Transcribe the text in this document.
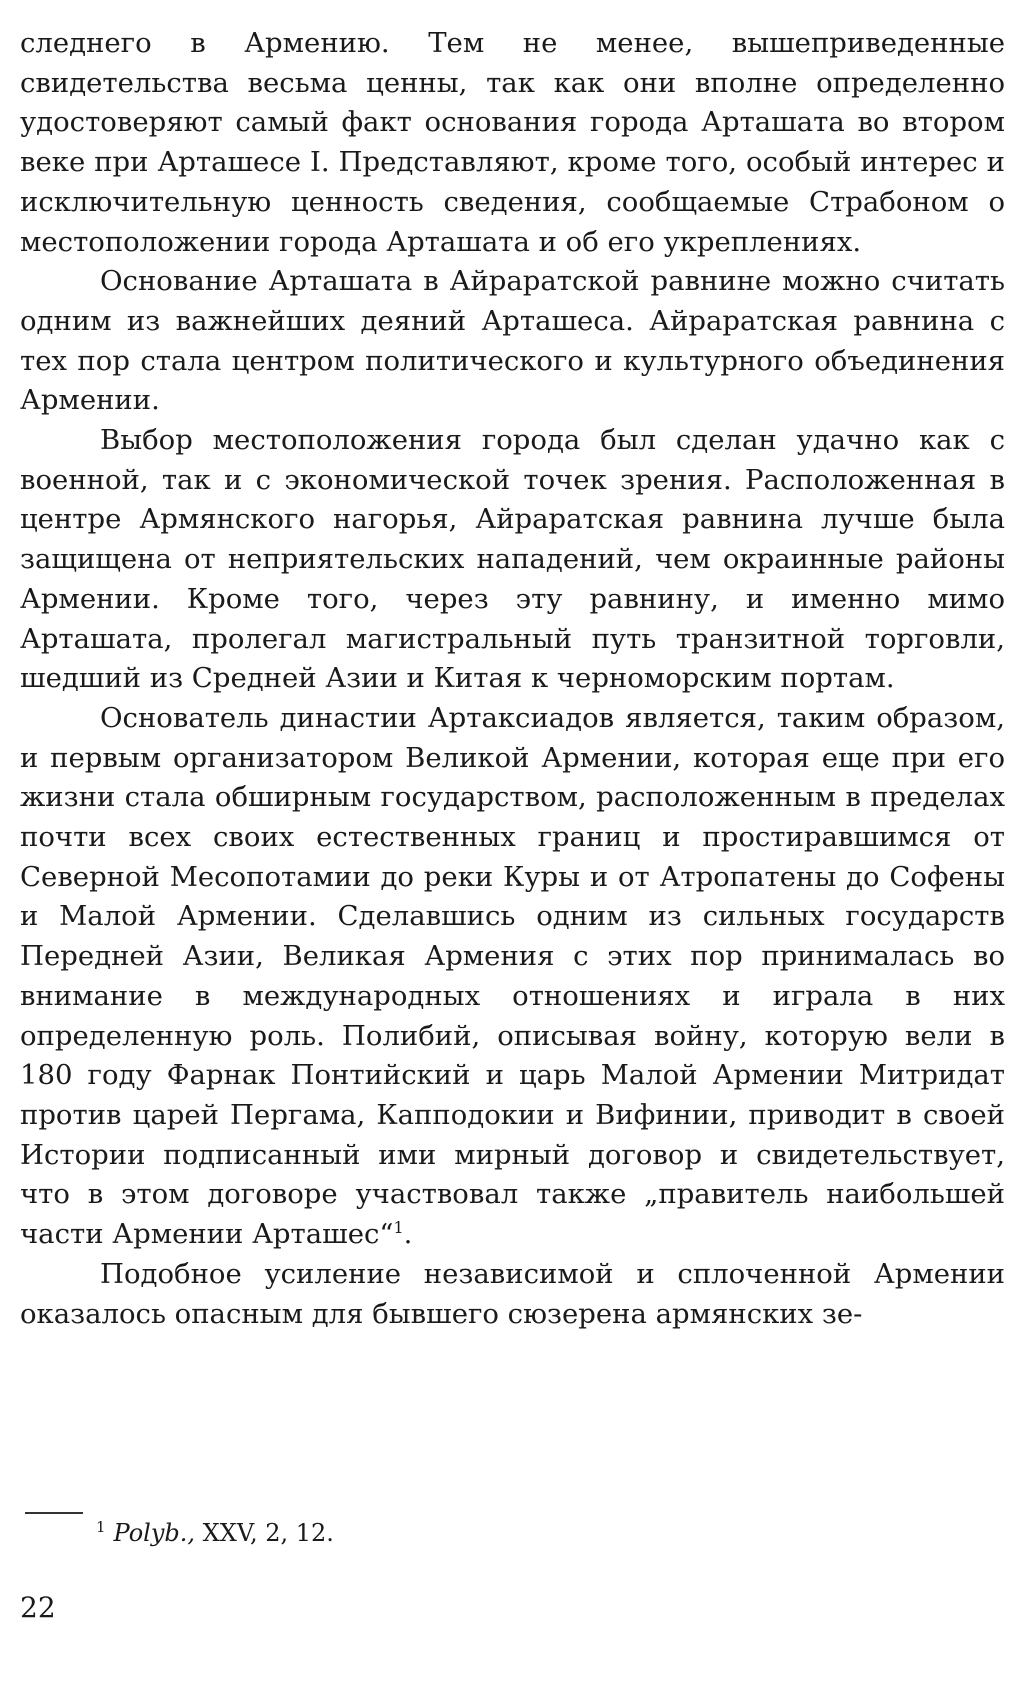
следнего в Армению. Тем не менее, вышеприведенные свидетельства весьма ценны, так как они вполне определенно удостоверяют самый факт основания города Арташата во втором веке при Арташесе I. Представляют, кроме того, особый интерес и исключительную ценность сведения, сообщаемые Страбоном о местоположении города Арташата и об его укреплениях.

Основание Арташата в Айраратской равнине можно считать одним из важнейших деяний Арташеса. Айраратская равнина с тех пор стала центром политического и культурного объединения Армении.

Выбор местоположения города был сделан удачно как с военной, так и с экономической точек зрения. Расположенная в центре Армянского нагорья, Айраратская равнина лучше была защищена от неприятельских нападений, чем окраинные районы Армении. Кроме того, через эту равнину, и именно мимо Арташата, пролегал магистральный путь транзитной торговли, шедший из Средней Азии и Китая к черноморским портам.

Основатель династии Артаксиадов является, таким образом, и первым организатором Великой Армении, которая еще при его жизни стала обширным государством, расположенным в пределах почти всех своих естественных границ и простиравшимся от Северной Месопотамии до реки Куры и от Атропатены до Софены и Малой Армении. Сделавшись одним из сильных государств Передней Азии, Великая Армения с этих пор принималась во внимание в международных отношениях и играла в них определенную роль. Полибий, описывая войну, которую вели в 180 году Фарнак Понтийский и царь Малой Армении Митридат против царей Пергама, Капподокии и Вифинии, приводит в своей Истории подписанный ими мирный договор и свидетельствует, что в этом договоре участвовал также „правитель наибольшей части Армении Арташес“$^1$.

Подобное усиление независимой и сплоченной Армении оказалось опасным для бывшего сюзерена армянских зе-

$^1$ Polyb., XXV, 2, 12.
22
